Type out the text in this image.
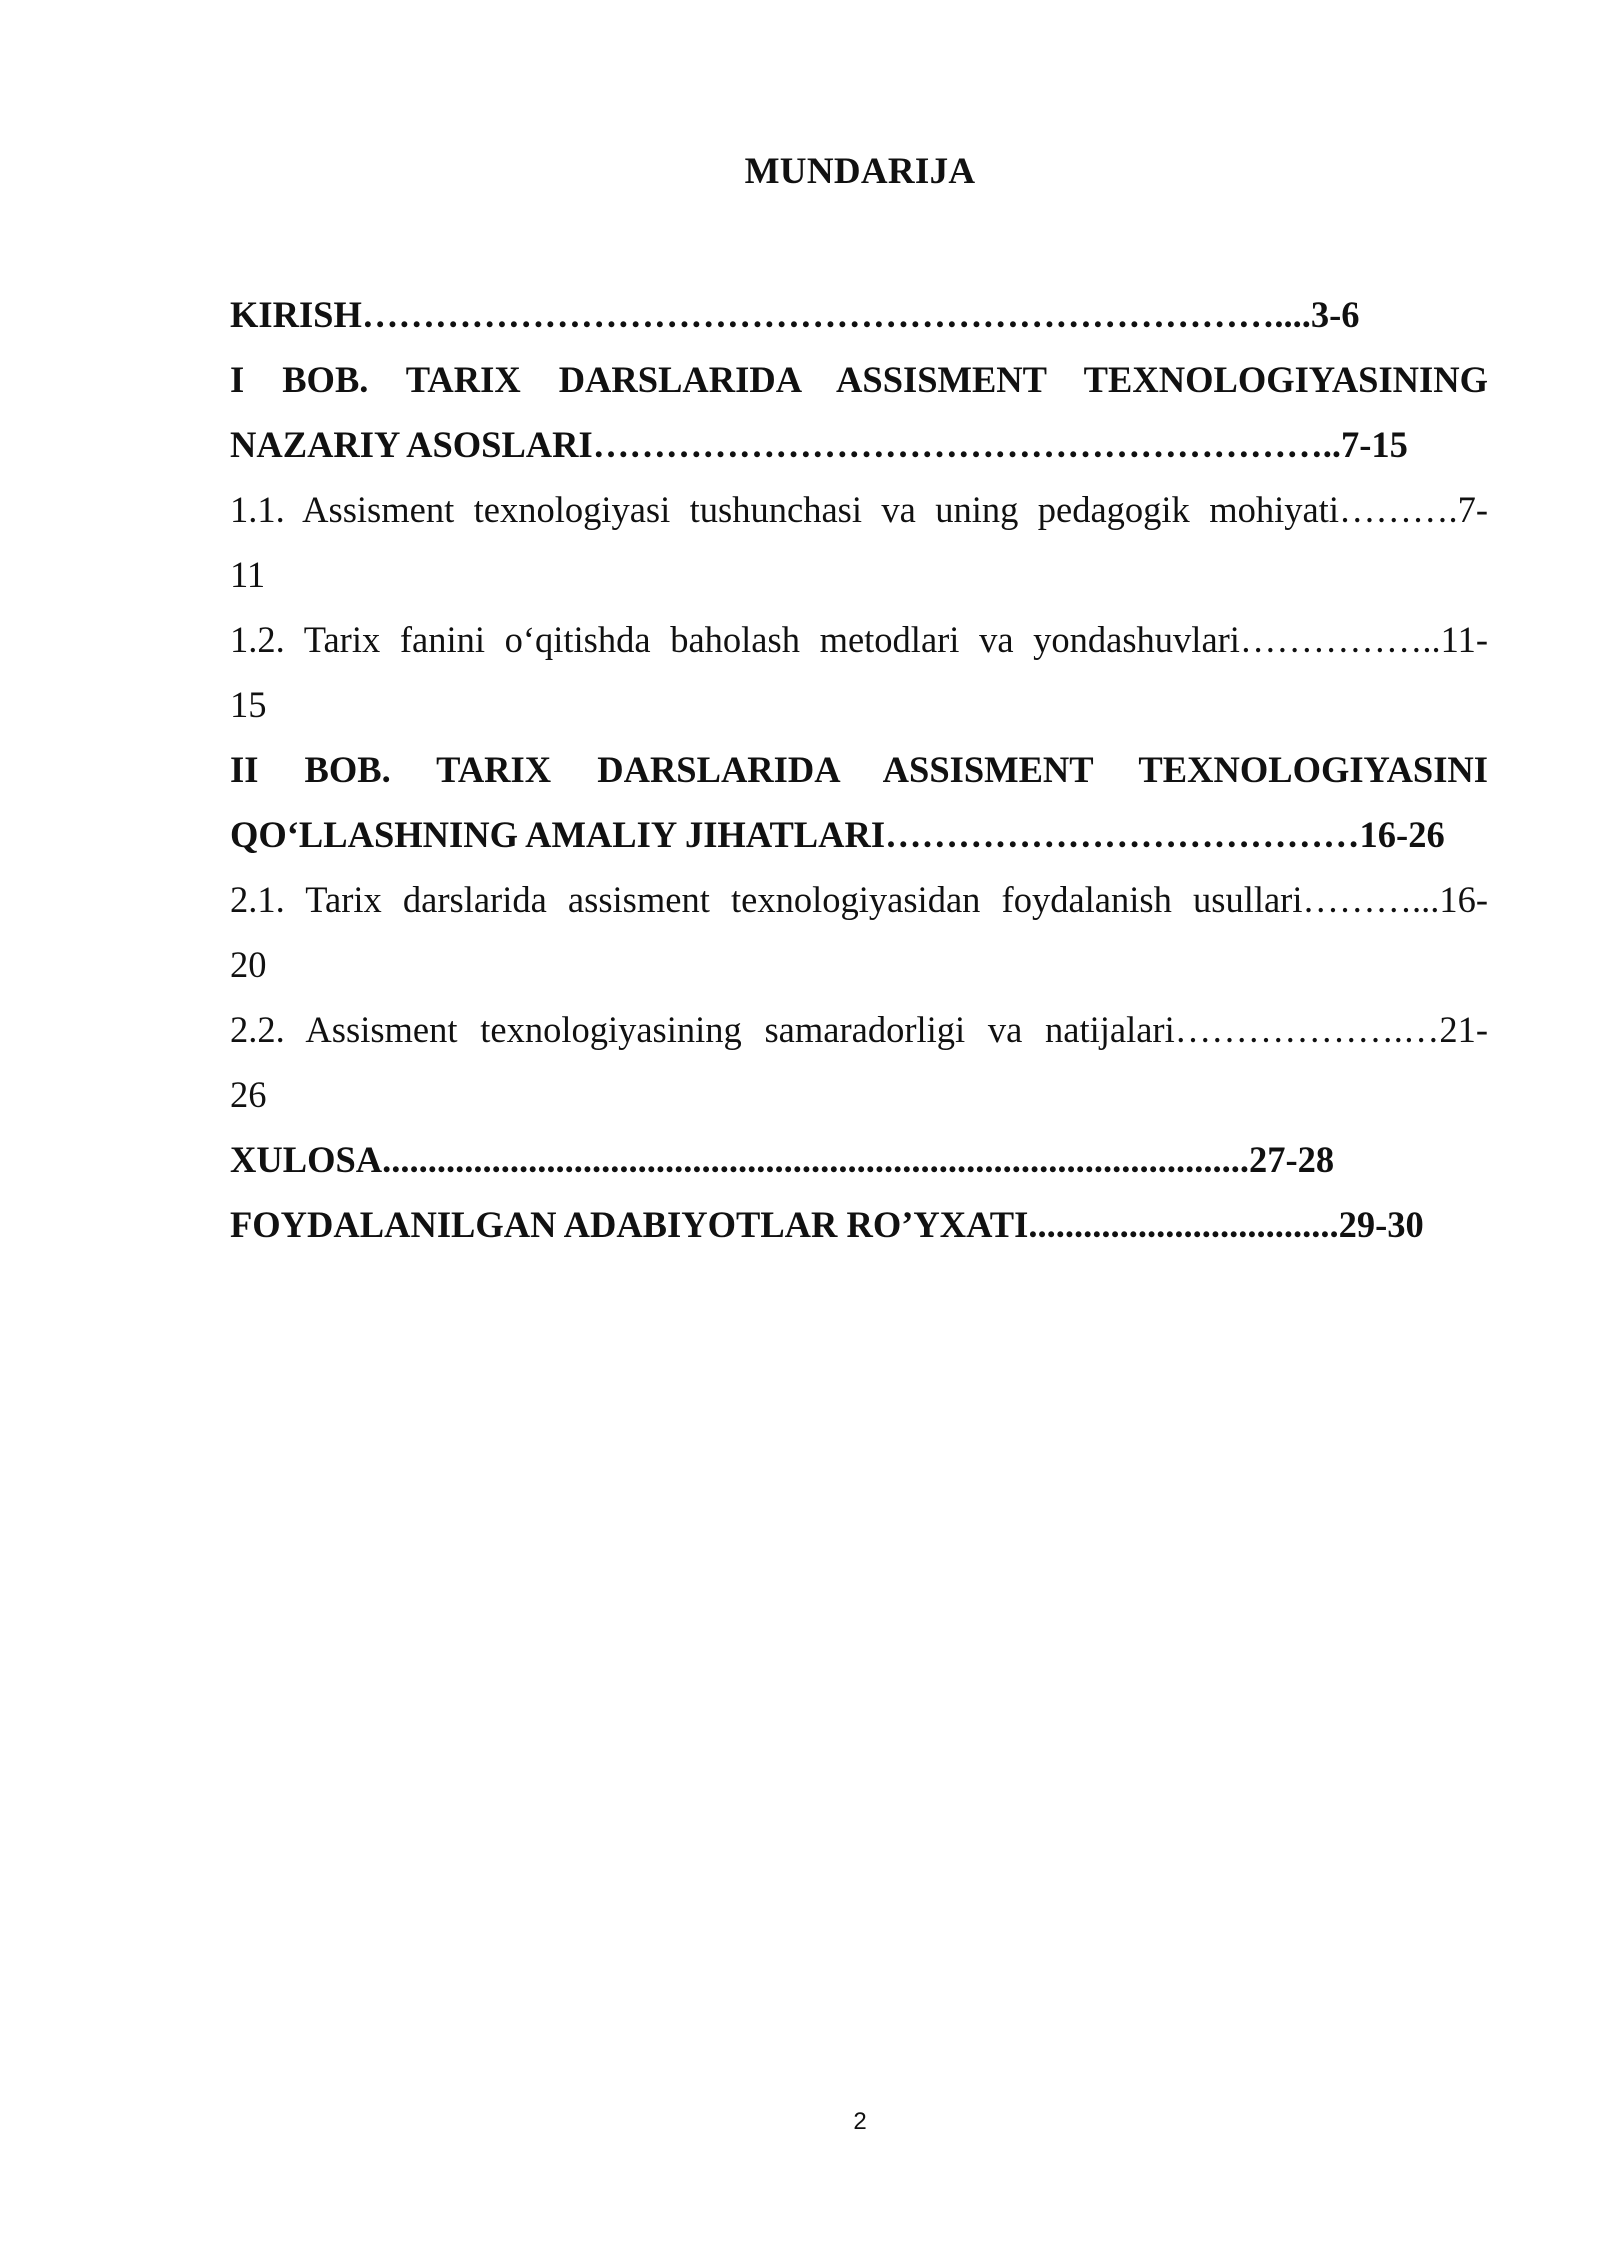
MUNDARIJA
KIRISH…………………………………………………………………....3-6
I BOB. TARIX DARSLARIDA ASSISMENT TEXNOLOGIYASINING
NAZARIY ASOSLARI……………………………………………………..7-15
1.1. Assisment texnologiyasi tushunchasi va uning pedagogik mohiyati……….7-
11
1.2. Tarix fanini o‘qitishda baholash metodlari va yondashuvlari……………..11-
15
II BOB. TARIX DARSLARIDA ASSISMENT TEXNOLOGIYASINI
QO‘LLASHNING AMALIY JIHATLARI…………………………………16-26
2.1. Tarix darslarida assisment texnologiyasidan foydalanish usullari………...16-
20
2.2. Assisment texnologiyasining samaradorligi va natijalari……………….…21-
26
XULOSA...............................................................................................27-28
FOYDALANILGAN ADABIYOTLAR RO’YXATI..................................29-30
2
